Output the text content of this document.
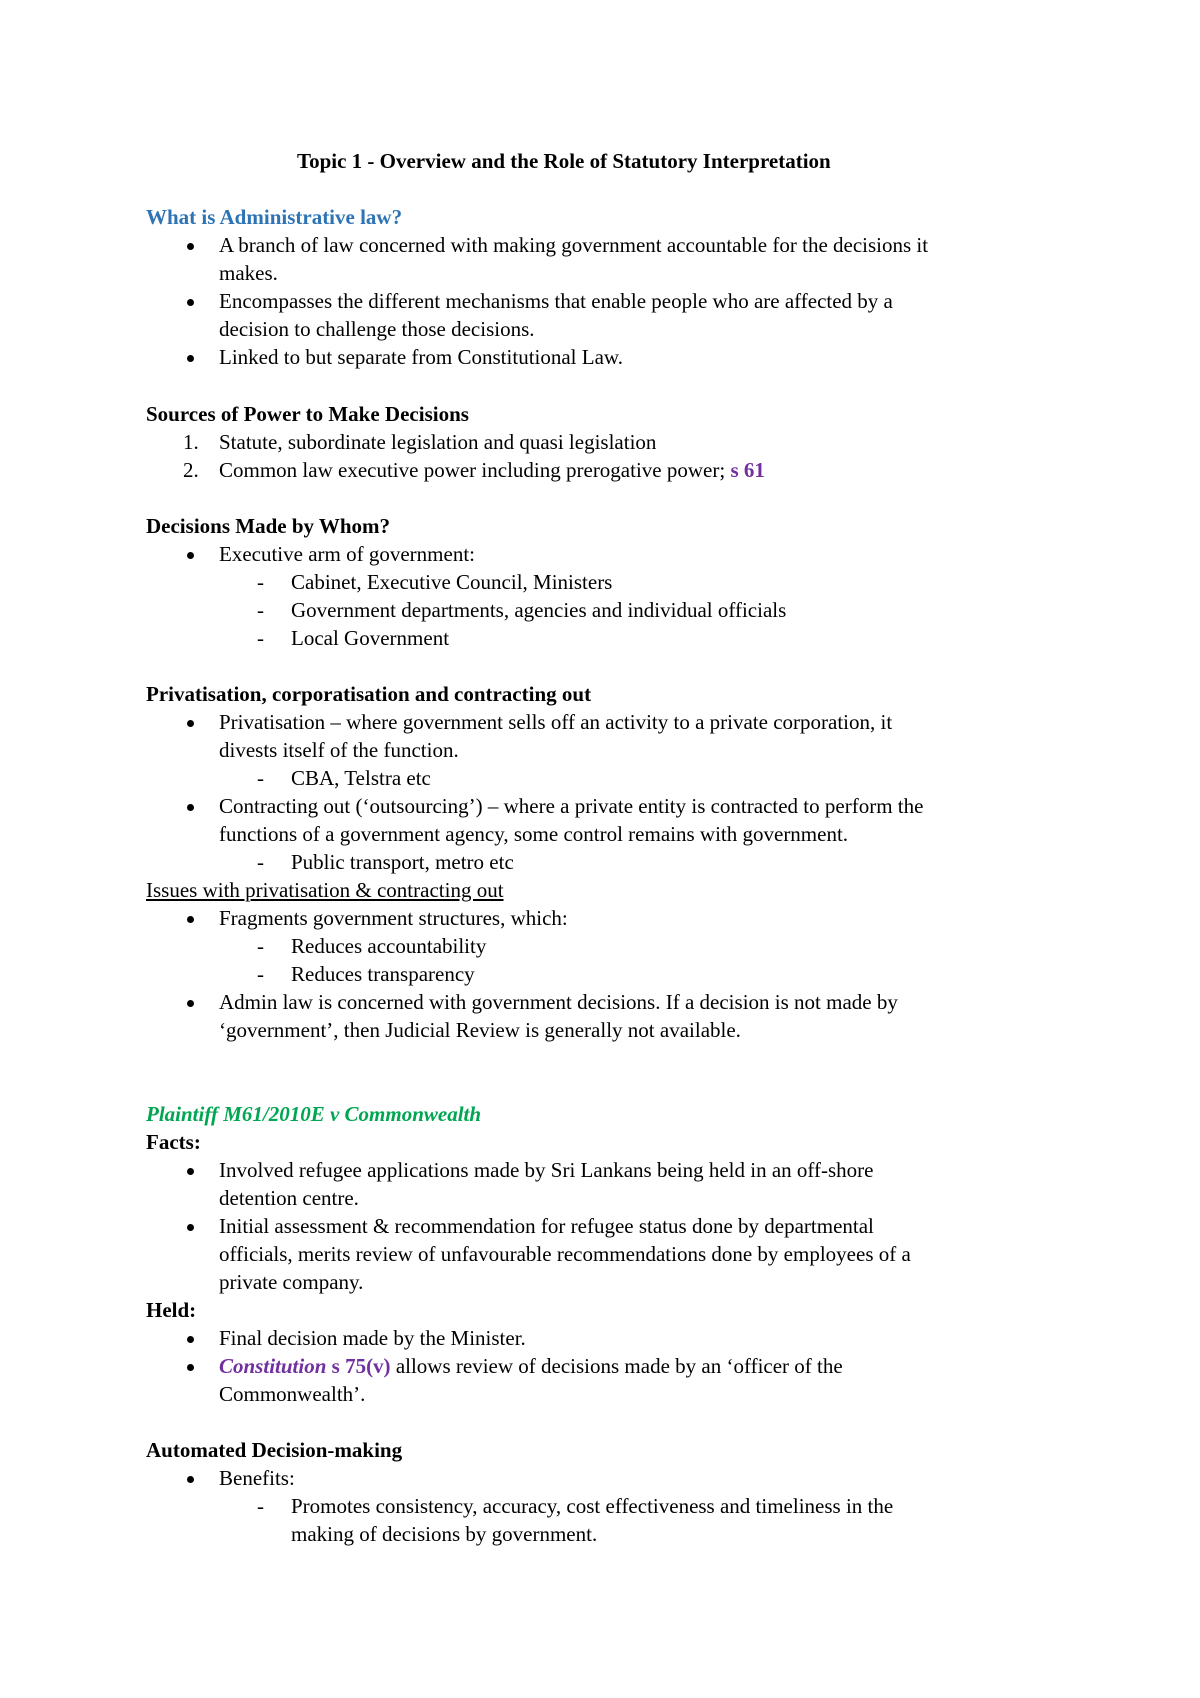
Topic 1 - Overview and the Role of Statutory Interpretation
What is Administrative law?
A branch of law concerned with making government accountable for the decisions it
makes.
Encompasses the different mechanisms that enable people who are affected by a
decision to challenge those decisions.
Linked to but separate from Constitutional Law.
Sources of Power to Make Decisions
1. Statute, subordinate legislation and quasi legislation
2. Common law executive power including prerogative power; s 61
Decisions Made by Whom?
Executive arm of government:
- Cabinet, Executive Council, Ministers
- Government departments, agencies and individual officials
- Local Government
Privatisation, corporatisation and contracting out
Privatisation – where government sells off an activity to a private corporation, it
divests itself of the function.
- CBA, Telstra etc
Contracting out (‘outsourcing’) – where a private entity is contracted to perform the
functions of a government agency, some control remains with government.
- Public transport, metro etc
Issues with privatisation & contracting out
Fragments government structures, which:
- Reduces accountability
- Reduces transparency
Admin law is concerned with government decisions. If a decision is not made by
‘government’, then Judicial Review is generally not available.
Plaintiff M61/2010E v Commonwealth
Facts:
Involved refugee applications made by Sri Lankans being held in an off-shore
detention centre.
Initial assessment & recommendation for refugee status done by departmental
officials, merits review of unfavourable recommendations done by employees of a
private company.
Held:
Final decision made by the Minister.
Constitution s 75(v) allows review of decisions made by an ‘officer of the
Commonwealth’.
Automated Decision-making
Benefits:
- Promotes consistency, accuracy, cost effectiveness and timeliness in the
making of decisions by government.
